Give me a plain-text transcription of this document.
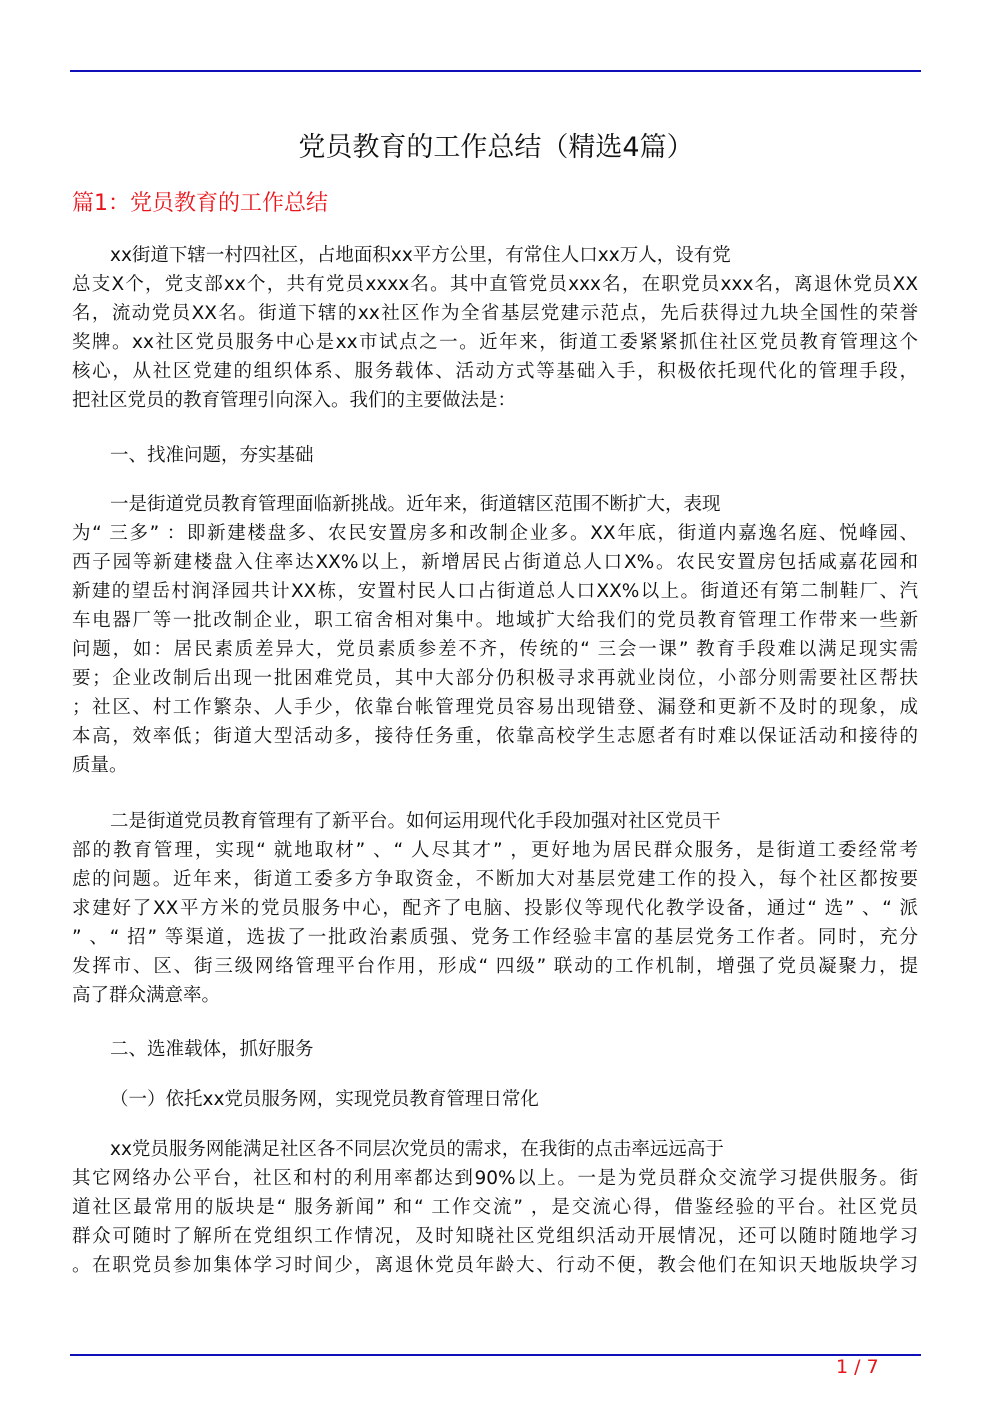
党员教育的工作总结（精选4篇）
篇1：党员教育的工作总结
xx街道下辖一村四社区，占地面积xx平方公里，有常住人口xx万人，设有党
总支X个，党支部xx个，共有党员xxxx名。其中直管党员xxx名，在职党员xxx名，离退休党员XX
名，流动党员XX名。街道下辖的xx社区作为全省基层党建示范点，先后获得过九块全国性的荣誉
奖牌。xx社区党员服务中心是xx市试点之一。近年来，街道工委紧紧抓住社区党员教育管理这个
核心，从社区党建的组织体系、服务载体、活动方式等基础入手，积极依托现代化的管理手段，
把社区党员的教育管理引向深入。我们的主要做法是：
一、找准问题，夯实基础
一是街道党员教育管理面临新挑战。近年来，街道辖区范围不断扩大，表现
为“ 三多” ：即新建楼盘多、农民安置房多和改制企业多。XX年底，街道内嘉逸名庭、悦峰园、
西子园等新建楼盘入住率达XX%以上，新增居民占街道总人口X%。农民安置房包括咸嘉花园和
新建的望岳村润泽园共计XX栋，安置村民人口占街道总人口XX%以上。街道还有第二制鞋厂、汽
车电器厂等一批改制企业，职工宿舍相对集中。地域扩大给我们的党员教育管理工作带来一些新
问题，如：居民素质差异大，党员素质参差不齐，传统的“ 三会一课” 教育手段难以满足现实需
要；企业改制后出现一批困难党员，其中大部分仍积极寻求再就业岗位，小部分则需要社区帮扶
；社区、村工作繁杂、人手少，依靠台帐管理党员容易出现错登、漏登和更新不及时的现象，成
本高，效率低；街道大型活动多，接待任务重，依靠高校学生志愿者有时难以保证活动和接待的
质量。
二是街道党员教育管理有了新平台。如何运用现代化手段加强对社区党员干
部的教育管理，实现“ 就地取材” 、“ 人尽其才” ，更好地为居民群众服务，是街道工委经常考
虑的问题。近年来，街道工委多方争取资金，不断加大对基层党建工作的投入，每个社区都按要
求建好了XX平方米的党员服务中心，配齐了电脑、投影仪等现代化教学设备，通过“ 选” 、“ 派
” 、“ 招” 等渠道，选拔了一批政治素质强、党务工作经验丰富的基层党务工作者。同时，充分
发挥市、区、街三级网络管理平台作用，形成“ 四级” 联动的工作机制，增强了党员凝聚力，提
高了群众满意率。
二、选准载体，抓好服务
（一）依托xx党员服务网，实现党员教育管理日常化
xx党员服务网能满足社区各不同层次党员的需求，在我街的点击率远远高于
其它网络办公平台，社区和村的利用率都达到90%以上。一是为党员群众交流学习提供服务。街
道社区最常用的版块是“ 服务新闻” 和“ 工作交流” ，是交流心得，借鉴经验的平台。社区党员
群众可随时了解所在党组织工作情况，及时知晓社区党组织活动开展情况，还可以随时随地学习
。在职党员参加集体学习时间少，离退休党员年龄大、行动不便，教会他们在知识天地版块学习
1 / 7
